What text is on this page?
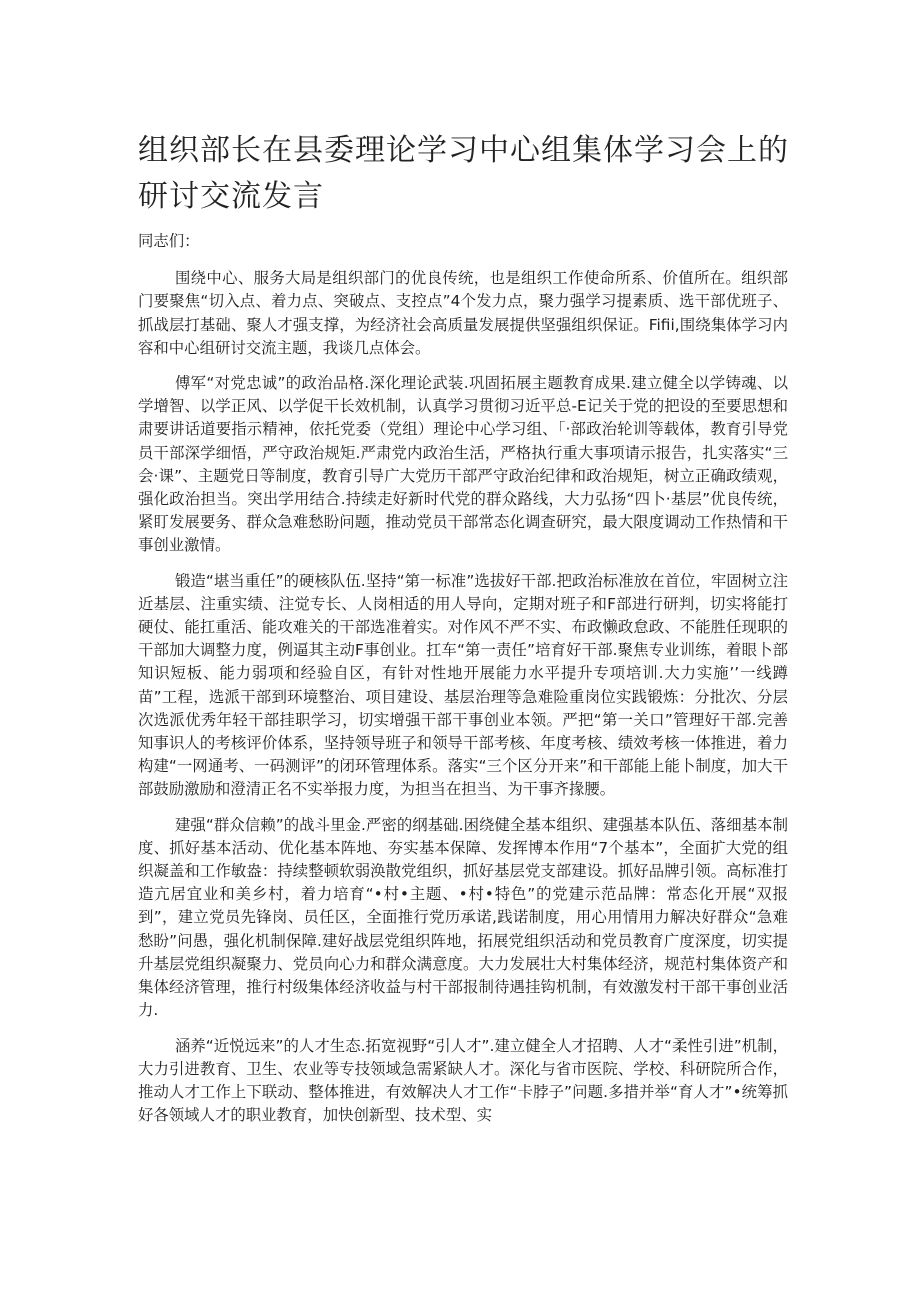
组织部长在县委理论学习中心组集体学习会上的研讨交流发言

同志们：

围绕中心、服务大局是组织部门的优良传统，也是组织工作使命所系、价值所在。组织部门要聚焦“切入点、着力点、突破点、支控点”4个发力点，聚力强学习提素质、选干部优班子、抓战层打基础、聚人才强支撑，为经济社会高质量发展提供坚强组织保证。Fifii,围绕集体学习内容和中心组研讨交流主题，我谈几点体会。

傅军“对党忠诚”的政治品格.深化理论武装.巩固拓展主题教育成果.建立健全以学铸魂、以学增智、以学正风、以学促干长效机制，认真学习贯彻习近平总-E记关于党的把设的至要思想和肃要讲话道要指示精神，依托党委（党组）理论中心学习组、「·部政治轮训等载体，教育引导党员干部深学细悟，严守政治规矩.严肃党内政治生活，严格执行重大事项请示报告，扎实落实“三会·课”、主题党日等制度，教育引导广大党历干部严守政治纪律和政治规矩，树立正确政绩观，强化政治担当。突出学用结合.持续走好新时代党的群众路线，大力弘扬“四卜·基层”优良传统，紧盯发展要务、群众急难愁盼问题，推动党员干部常态化调查研究，最大限度调动工作热情和干事创业激情。

锻造“堪当重任”的硬核队伍.坚持“第一标准”选拔好干部.把政治标准放在首位，牢固树立注近基层、注重实绩、注觉专长、人岗相适的用人导向，定期对班子和F部进行研判，切实将能打硬仗、能扛重活、能攻难关的干部选准着实。对作风不严不实、布政懒政怠政、不能胜任现职的干部加大调整力度，例逼其主动F事创业。扛车“第一责任”培育好干部.聚焦专业训练，着眼卜部知识短板、能力弱项和经验自区，有针对性地开展能力水平提升专项培训.大力实施’’一线蹲苗”工程，选派干部到环境整治、项目建设、基层治理等急难险重岗位实践锻炼：分批次、分层次选派优秀年轻干部挂职学习，切实增强干部干事创业本领。严把“第一关口”管理好干部.完善知事识人的考核评价体系，坚持领导班子和领导干部考核、年度考核、绩效考核一体推进，着力构建“一网通考、一码测评”的闭环管理体系。落实“三个区分开来”和干部能上能卜制度，加大干部鼓励激励和澄清正名不实举报力度，为担当在担当、为干事齐掾腰。

建强“群众信赖”的战斗里金.严密的纲基础.困绕健全基本组织、建强基本队伍、落细基本制度、抓好基本活动、优化基本阵地、夯实基本保障、发挥博本作用“7个基本”，全面扩大党的组织凝盖和工作敏盎：持续整顿软弱涣散党组织，抓好基层党支部建设。抓好品牌引领。高标准打造亢居宜业和美乡村，着力培育“•村•主题、•村•特色”的党建示范品牌：常态化开展“双报到”，建立党员先锋岗、员任区，全面推行党历承诺,践诺制度，用心用情用力解决好群众“急难愁盼”问愚，强化机制保障.建好战层党组织阵地，拓展党组织活动和党员教育广度深度，切实提升基层党组织凝聚力、党员向心力和群众满意度。大力发展壮大村集体经济，规范村集体资产和集体经济管理，推行村级集体经济收益与村干部报制待遇挂钩机制，有效激发村干部干事创业活力.

涵养“近悦远来”的人才生态.拓宽视野“引人才”.建立健全人才招聘、人才“柔性引进”机制，大力引进教育、卫生、农业等专技领域急需紧缺人才。深化与省市医院、学校、科研院所合作，推动人才工作上下联动、整体推进，有效解决人才工作“卡脖子”问题.多措并举“育人才”•统筹抓好各领域人才的职业教育，加快创新型、技术型、实
